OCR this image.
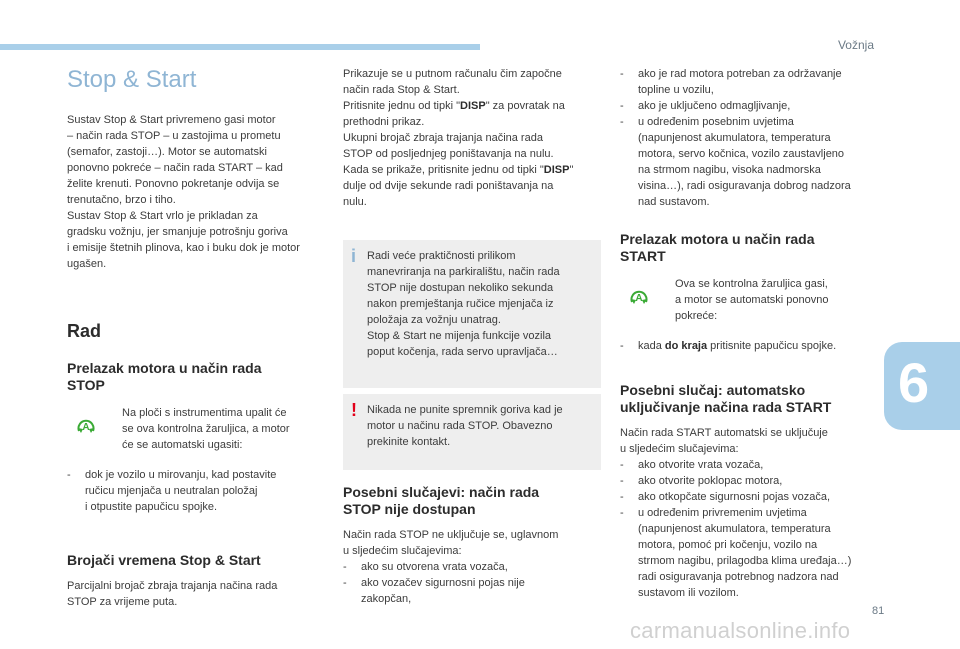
Vožnja
6
81
carmanualsonline.info
Stop & Start

Sustav Stop & Start privremeno gasi motor
– način rada STOP – u zastojima u prometu
(semafor, zastoji…). Motor se automatski
ponovno pokreće – način rada START – kad
želite krenuti. Ponovno pokretanje odvija se
trenutačno, brzo i tiho.
Sustav Stop & Start vrlo je prikladan za
gradsku vožnju, jer smanjuje potrošnju goriva
i emisije štetnih plinova, kao i buku dok je motor
ugašen.

Rad
Prelazak motora u način rada
STOP
A
Na ploči s instrumentima upalit će
se ova kontrolna žaruljica, a motor
će se automatski ugasiti:

- dok je vozilo u mirovanju, kad postavite
ručicu mjenjača u neutralan položaj
i otpustite papučicu spojke.

Brojači vremena Stop & Start

Parcijalni brojač zbraja trajanja načina rada
STOP za vrijeme puta.

Prikazuje se u putnom računalu čim započne
način rada Stop & Start.
Pritisnite jednu od tipki "DISP" za povratak na
prethodni prikaz.
Ukupni brojač zbraja trajanja načina rada
STOP od posljednjeg poništavanja na nulu.
Kada se prikaže, pritisnite jednu od tipki "DISP"
dulje od dvije sekunde radi poništavanja na
nulu.

i Radi veće praktičnosti prilikom
manevriranja na parkiralištu, način rada
STOP nije dostupan nekoliko sekunda
nakon premještanja ručice mjenjača iz
položaja za vožnju unatrag.
Stop & Start ne mijenja funkcije vozila
poput kočenja, rada servo upravljača…
! Nikada ne punite spremnik goriva kad je
motor u načinu rada STOP. Obavezno
prekinite kontakt.
Posebni slučajevi: način rada
STOP nije dostupan

Način rada STOP ne uključuje se, uglavnom
u sljedećim slučajevima:

- ako su otvorena vrata vozača,

- ako vozačev sigurnosni pojas nije
zakopčan,

- ako je rad motora potreban za održavanje
topline u vozilu,

- ako je uključeno odmagljivanje,

- u određenim posebnim uvjetima
(napunjenost akumulatora, temperatura
motora, servo kočnica, vozilo zaustavljeno
na strmom nagibu, visoka nadmorska
visina…), radi osiguravanja dobrog nadzora
nad sustavom.

Prelazak motora u način rada
START
A
Ova se kontrolna žaruljica gasi,
a motor se automatski ponovno
pokreće:

- kada do kraja pritisnite papučicu spojke.

Posebni slučaj: automatsko
uključivanje načina rada START

Način rada START automatski se uključuje
u sljedećim slučajevima:

- ako otvorite vrata vozača,

- ako otvorite poklopac motora,

- ako otkopčate sigurnosni pojas vozača,

- u određenim privremenim uvjetima
(napunjenost akumulatora, temperatura
motora, pomoć pri kočenju, vozilo na
strmom nagibu, prilagodba klima uređaja…)
radi osiguravanja potrebnog nadzora nad
sustavom ili vozilom.
